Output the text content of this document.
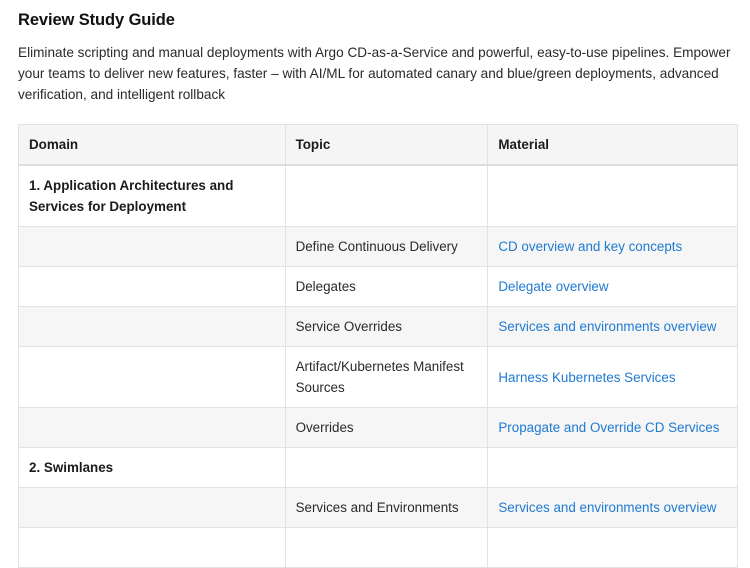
Review Study Guide

Eliminate scripting and manual deployments with Argo CD-as-a-Service and powerful, easy-to-use pipelines. Empower your teams to deliver new features, faster – with AI/ML for automated canary and blue/green deployments, advanced verification, and intelligent rollback

Domain	Topic	Material
1. Application Architectures and Services for Deployment		
	Define Continuous Delivery	CD overview and key concepts
	Delegates	Delegate overview
	Service Overrides	Services and environments overview
	Artifact/Kubernetes Manifest Sources	Harness Kubernetes Services
	Overrides	Propagate and Override CD Services
2. Swimlanes		
	Services and Environments	Services and environments overview
